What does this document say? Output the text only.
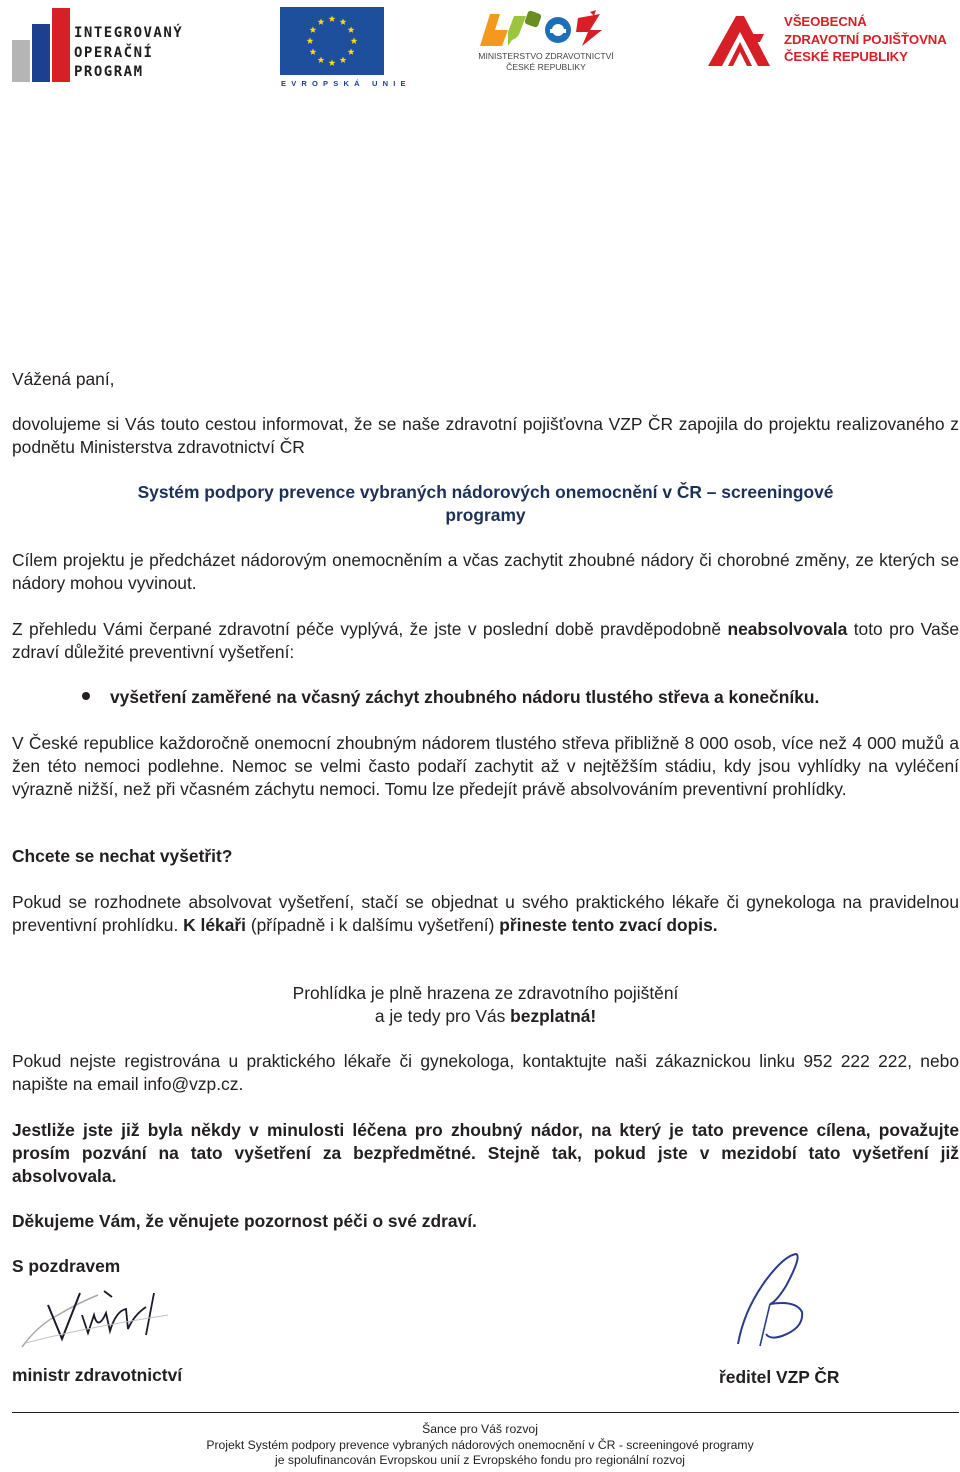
INTEGROVANÝ
OPERAČNÍ
PROGRAM
EVROPSKÁ UNIE
MINISTERSTVO ZDRAVOTNICTVÍ
ČESKÉ REPUBLIKY
VŠEOBECNÁ
ZDRAVOTNÍ POJIŠŤOVNA
ČESKÉ REPUBLIKY

Vážená paní,

dovolujeme si Vás touto cestou informovat, že se naše zdravotní pojišťovna VZP ČR zapojila do projektu realizovaného z podnětu Ministerstva zdravotnictví ČR

Systém podpory prevence vybraných nádorových onemocnění v ČR – screeningové
programy

Cílem projektu je předcházet nádorovým onemocněním a včas zachytit zhoubné nádory či chorobné změny, ze kterých se nádory mohou vyvinout.

Z přehledu Vámi čerpané zdravotní péče vyplývá, že jste v poslední době pravděpodobně neabsolvovala toto pro Vaše zdraví důležité preventivní vyšetření:

vyšetření zaměřené na včasný záchyt zhoubného nádoru tlustého střeva a konečníku.

V České republice každoročně onemocní zhoubným nádorem tlustého střeva přibližně 8 000 osob, více než 4 000 mužů a žen této nemoci podlehne. Nemoc se velmi často podaří zachytit až v nejtěžším stádiu, kdy jsou vyhlídky na vyléčení výrazně nižší, než při včasném záchytu nemoci. Tomu lze předejít právě absolvováním preventivní prohlídky.

Chcete se nechat vyšetřit?

Pokud se rozhodnete absolvovat vyšetření, stačí se objednat u svého praktického lékaře či gynekologa na pravidelnou preventivní prohlídku. K lékaři (případně i k dalšímu vyšetření) přineste tento zvací dopis.

Prohlídka je plně hrazena ze zdravotního pojištění
a je tedy pro Vás bezplatná!

Pokud nejste registrována u praktického lékaře či gynekologa, kontaktujte naši zákaznickou linku 952 222 222, nebo napište na email info@vzp.cz.

Jestliže jste již byla někdy v minulosti léčena pro zhoubný nádor, na který je tato prevence cílena, považujte prosím pozvání na tato vyšetření za bezpředmětné. Stejně tak, pokud jste v mezidobí tato vyšetření již absolvovala.

Děkujeme Vám, že věnujete pozornost péči o své zdraví.

S pozdravem

ministr zdravotnictví	ředitel VZP ČR

Šance pro Váš rozvoj
Projekt Systém podpory prevence vybraných nádorových onemocnění v ČR - screeningové programy
je spolufinancován Evropskou unií z Evropského fondu pro regionální rozvoj
